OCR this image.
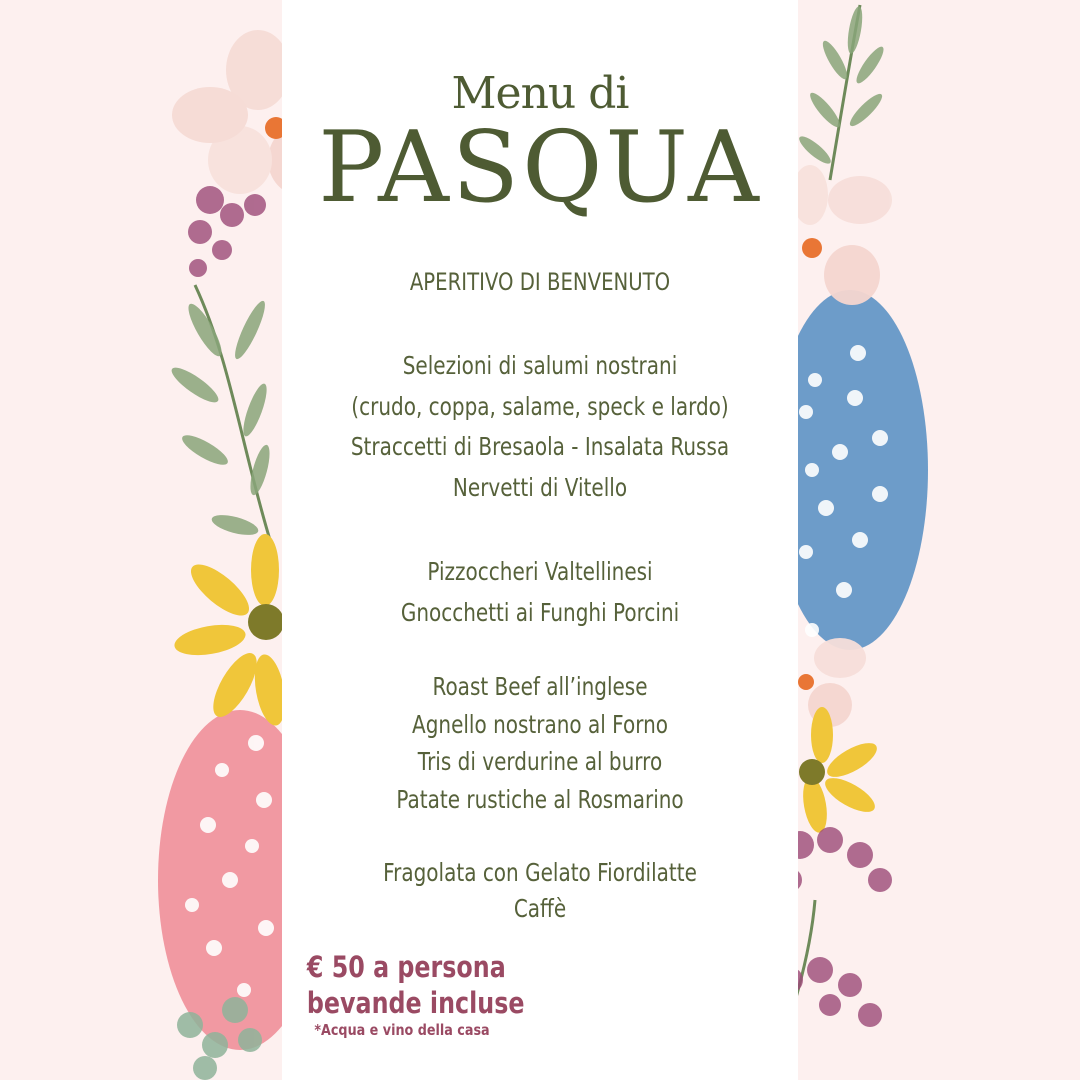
Menu di
PASQUA
APERITIVO DI BENVENUTO
Selezioni di salumi nostrani
(crudo, coppa, salame, speck e lardo)
Straccetti di Bresaola - Insalata Russa
Nervetti di Vitello
Pizzoccheri Valtellinesi
Gnocchetti ai Funghi Porcini
Roast Beef all’inglese
Agnello nostrano al Forno
Tris di verdurine al burro
Patate rustiche al Rosmarino
Fragolata con Gelato Fiordilatte
Caffè
€ 50 a persona
bevande incluse
*Acqua e vino della casa
